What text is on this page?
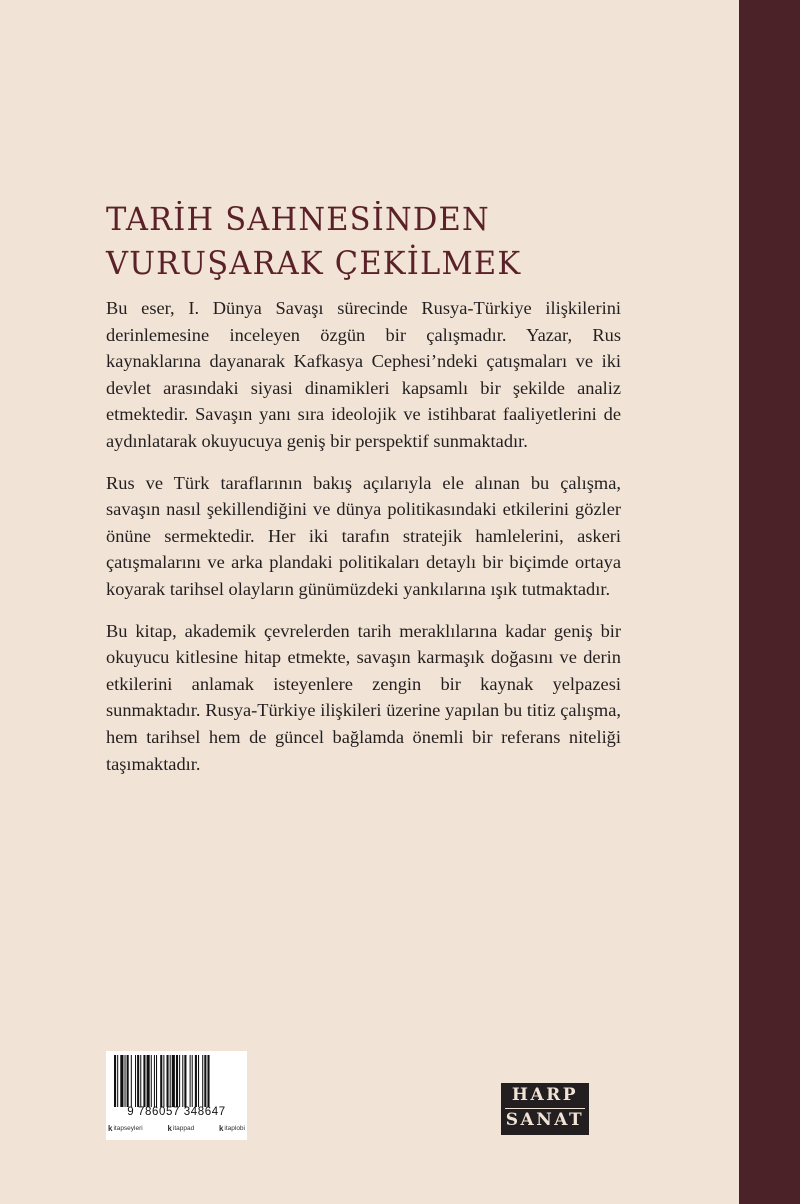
TARİH SAHNESİNDEN
VURUŞARAK ÇEKİLMEK

Bu eser, I. Dünya Savaşı sürecinde Rusya-Türkiye ilişkilerini derinlemesine inceleyen özgün bir çalışmadır. Yazar, Rus kaynaklarına dayanarak Kafkasya Cephesi’ndeki çatışmaları ve iki devlet arasındaki siyasi dinamikleri kapsamlı bir şekilde analiz etmektedir. Savaşın yanı sıra ideolojik ve istihbarat faaliyetlerini de aydınlatarak okuyucuya geniş bir perspektif sunmaktadır.

Rus ve Türk taraflarının bakış açılarıyla ele alınan bu çalışma, savaşın nasıl şekillendiğini ve dünya politikasındaki etkilerini gözler önüne sermektedir. Her iki tarafın stratejik hamlelerini, askeri çatışmalarını ve arka plandaki politikaları detaylı bir biçimde ortaya koyarak tarihsel olayların günümüzdeki yankılarına ışık tutmaktadır.

Bu kitap, akademik çevrelerden tarih meraklılarına kadar geniş bir okuyucu kitlesine hitap etmekte, savaşın karmaşık doğasını ve derin etkilerini anlamak isteyenlere zengin bir kaynak yelpazesi sunmaktadır. Rusya-Türkiye ilişkileri üzerine yapılan bu titiz çalışma, hem tarihsel hem de güncel bağlamda önemli bir referans niteliği taşımaktadır.

9 786057 348647
k itapseyleri	k itappad	k itaplobi
HARP
SANAT
